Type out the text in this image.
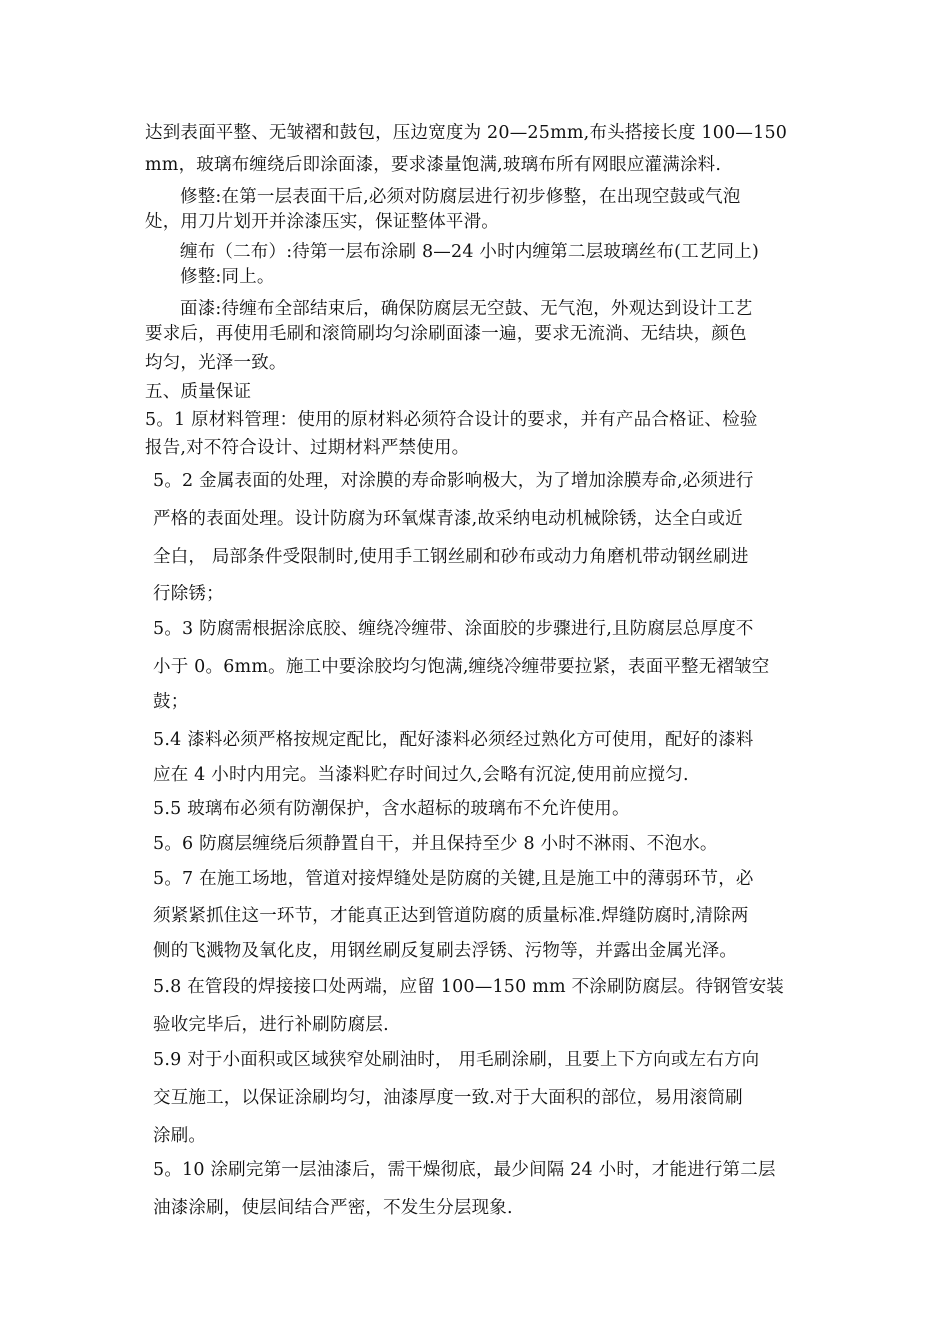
达到表面平整、无皱褶和鼓包，压边宽度为 20—25mm,布头搭接长度 100—150
mm，玻璃布缠绕后即涂面漆，要求漆量饱满,玻璃布所有网眼应灌满涂料.
修整:在第一层表面干后,必须对防腐层进行初步修整，在出现空鼓或气泡
处，用刀片划开并涂漆压实，保证整体平滑。
缠布（二布）:待第一层布涂刷 8—24 小时内缠第二层玻璃丝布(工艺同上)
修整:同上。
面漆:待缠布全部结束后，确保防腐层无空鼓、无气泡，外观达到设计工艺
要求后，再使用毛刷和滚筒刷均匀涂刷面漆一遍，要求无流淌、无结块，颜色
均匀，光泽一致。
五、质量保证
5。1 原材料管理：使用的原材料必须符合设计的要求，并有产品合格证、检验
报告,对不符合设计、过期材料严禁使用。
5。2 金属表面的处理，对涂膜的寿命影响极大，为了增加涂膜寿命,必须进行
严格的表面处理。设计防腐为环氧煤青漆,故采纳电动机械除锈，达全白或近
全白， 局部条件受限制时,使用手工钢丝刷和砂布或动力角磨机带动钢丝刷进
行除锈；
5。3 防腐需根据涂底胶、缠绕冷缠带、涂面胶的步骤进行,且防腐层总厚度不
小于 0。6mm。施工中要涂胶均匀饱满,缠绕冷缠带要拉紧，表面平整无褶皱空
鼓；
5.4 漆料必须严格按规定配比，配好漆料必须经过熟化方可使用，配好的漆料
应在 4 小时内用完。当漆料贮存时间过久,会略有沉淀,使用前应搅匀.
5.5 玻璃布必须有防潮保护，含水超标的玻璃布不允许使用。
5。6 防腐层缠绕后须静置自干，并且保持至少 8 小时不淋雨、不泡水。
5。7 在施工场地，管道对接焊缝处是防腐的关键,且是施工中的薄弱环节，必
须紧紧抓住这一环节，才能真正达到管道防腐的质量标准.焊缝防腐时,清除两
侧的飞溅物及氧化皮，用钢丝刷反复刷去浮锈、污物等，并露出金属光泽。
5.8 在管段的焊接接口处两端，应留 100—150 mm 不涂刷防腐层。待钢管安装
验收完毕后，进行补刷防腐层.
5.9 对于小面积或区域狭窄处刷油时， 用毛刷涂刷，且要上下方向或左右方向
交互施工，以保证涂刷均匀，油漆厚度一致.对于大面积的部位，易用滚筒刷
涂刷。
5。10 涂刷完第一层油漆后，需干燥彻底，最少间隔 24 小时，才能进行第二层
油漆涂刷，使层间结合严密，不发生分层现象.
